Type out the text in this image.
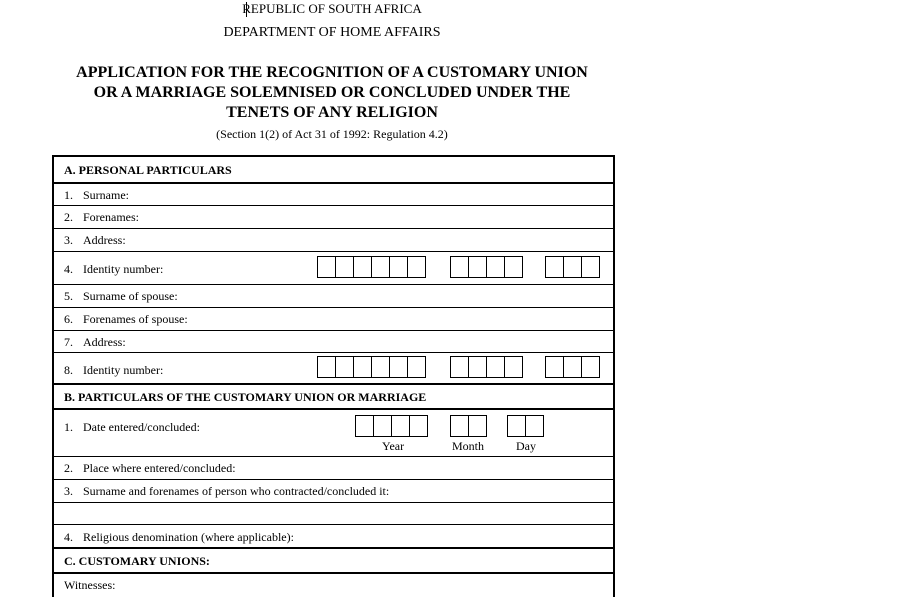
REPUBLIC OF SOUTH AFRICA
DEPARTMENT OF HOME AFFAIRS
APPLICATION FOR THE RECOGNITION OF A CUSTOMARY UNION
OR A MARRIAGE SOLEMNISED OR CONCLUDED UNDER THE
TENETS OF ANY RELIGION
(Section 1(2) of Act 31 of 1992: Regulation 4.2)
A. PERSONAL PARTICULARS
1. Surname:
2. Forenames:
3. Address:
4. Identity number:
5. Surname of spouse:
6. Forenames of spouse:
7. Address:
8. Identity number:
B. PARTICULARS OF THE CUSTOMARY UNION OR MARRIAGE
1. Date entered/concluded:
Year	Month	Day
2. Place where entered/concluded:
3. Surname and forenames of person who contracted/concluded it:
4. Religious denomination (where applicable):
C. CUSTOMARY UNIONS:
Witnesses:
